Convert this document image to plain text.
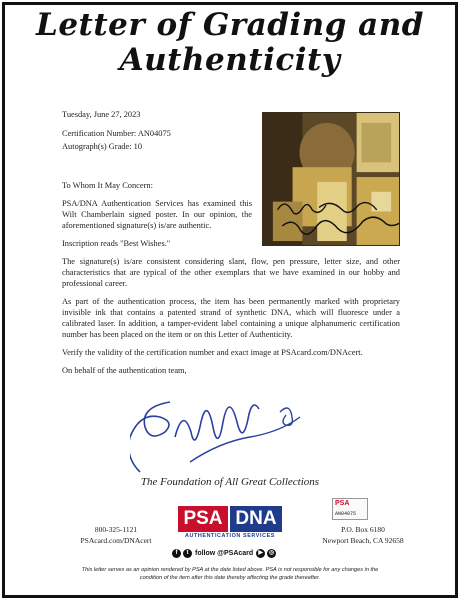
Letter of Grading and
Authenticity
Tuesday, June 27, 2023
Certification Number: AN04075
Autograph(s) Grade: 10

To Whom It May Concern:

PSA/DNA Authentication Services has examined this Wilt Chamberlain signed poster. In our opinion, the aforementioned signature(s) is/are authentic.

Inscription reads "Best Wishes."

The signature(s) is/are consistent considering slant, flow, pen pressure, letter size, and other characteristics that are typical of the other exemplars that we have examined in our hobby and professional career.

As part of the authentication process, the item has been permanently marked with proprietary invisible ink that contains a patented strand of synthetic DNA, which will fluoresce under a calibrated laser. In addition, a tamper-evident label containing a unique alphanumeric certification number has been placed on the item or on this Letter of Authenticity.

Verify the validity of the certification number and exact image at PSAcard.com/DNAcert.

On behalf of the authentication team,

The Foundation of All Great Collections
PSA
AN04075
PSA DNA
AUTHENTICATION SERVICES
800-325-1121
PSAcard.com/DNAcert
P.O. Box 6180
Newport Beach, CA 92658
f t follow @PSAcard ▶ ◎
This letter serves as an opinion rendered by PSA at the date listed above. PSA is not responsible for any changes in the
condition of the item after this date thereby affecting the grade thereafter.
